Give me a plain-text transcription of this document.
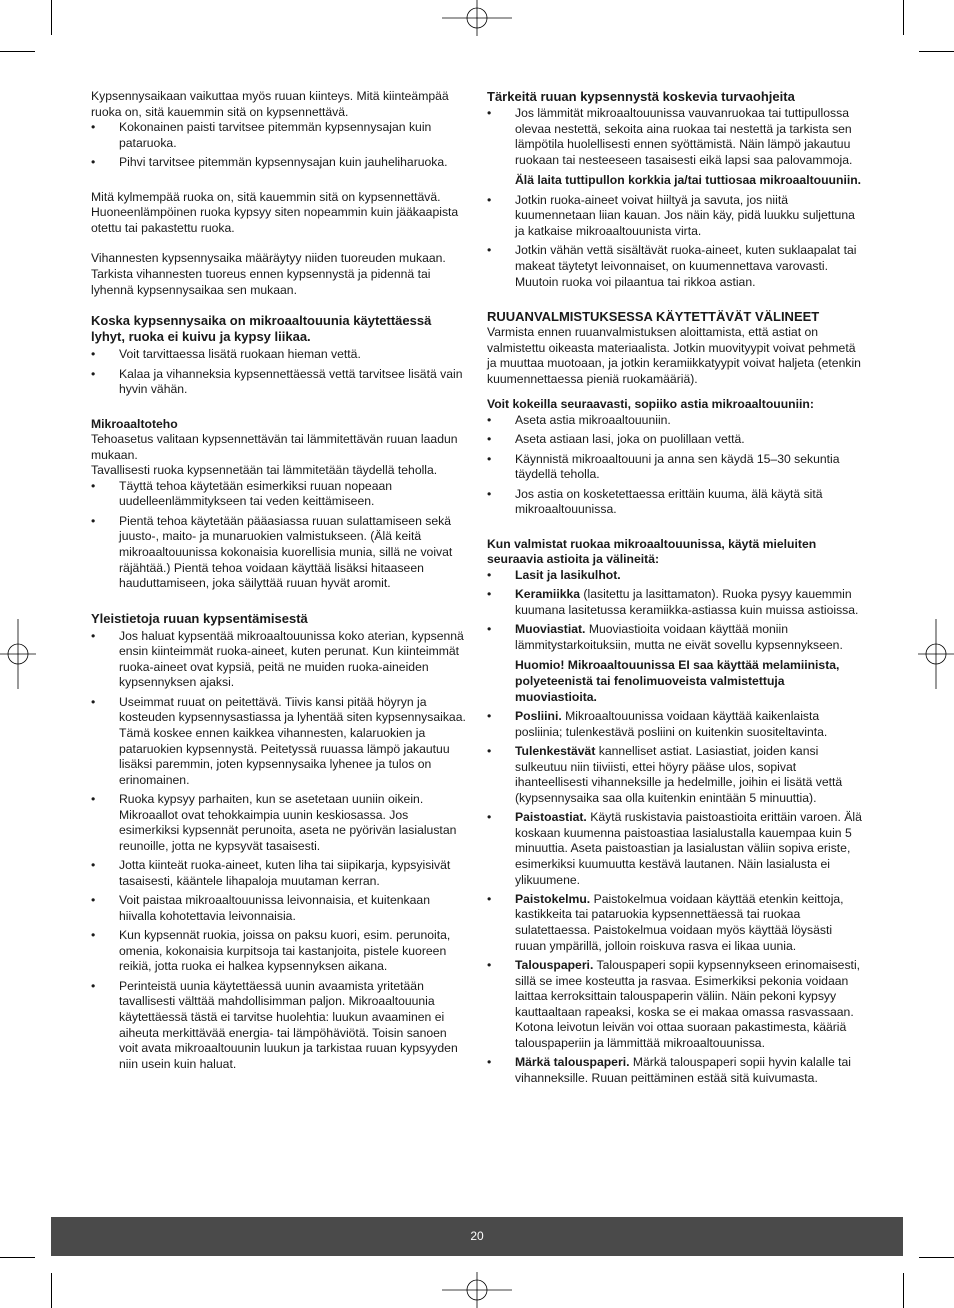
Kypsennysaikaan vaikuttaa myös ruuan kiinteys. Mitä kiinteämpää ruoka on, sitä kauemmin sitä on kypsennettävä.

• Kokonainen paisti tarvitsee pitemmän kypsennysajan kuin pataruoka.
• Pihvi tarvitsee pitemmän kypsennysajan kuin jauheliharuoka.

Mitä kylmempää ruoka on, sitä kauemmin sitä on kypsennettävä. Huoneenlämpöinen ruoka kypsyy siten nopeammin kuin jääkaapista otettu tai pakastettu ruoka.

Vihannesten kypsennysaika määräytyy niiden tuoreuden mukaan. Tarkista vihannesten tuoreus ennen kypsennystä ja pidennä tai lyhennä kypsennysaikaa sen mukaan.

Koska kypsennysaika on mikroaaltouunia käytettäessä lyhyt, ruoka ei kuivu ja kypsy liikaa.

• Voit tarvittaessa lisätä ruokaan hieman vettä.
• Kalaa ja vihanneksia kypsennettäessä vettä tarvitsee lisätä vain hyvin vähän.

Mikroaaltoteho

Tehoasetus valitaan kypsennettävän tai lämmitettävän ruuan laadun mukaan.

Tavallisesti ruoka kypsennetään tai lämmitetään täydellä teholla.

• Täyttä tehoa käytetään esimerkiksi ruuan nopeaan uudelleenlämmitykseen tai veden keittämiseen.
• Pientä tehoa käytetään pääasiassa ruuan sulattamiseen sekä juusto-, maito- ja munaruokien valmistukseen. (Älä keitä mikroaaltouunissa kokonaisia kuorellisia munia, sillä ne voivat räjähtää.) Pientä tehoa voidaan käyttää lisäksi hitaaseen hauduttamiseen, joka säilyttää ruuan hyvät aromit.

Yleistietoja ruuan kypsentämisestä

• Jos haluat kypsentää mikroaaltouunissa koko aterian, kypsennä ensin kiinteimmät ruoka-aineet, kuten perunat. Kun kiinteimmät ruoka-aineet ovat kypsiä, peitä ne muiden ruoka-aineiden kypsennyksen ajaksi.
• Useimmat ruuat on peitettävä. Tiivis kansi pitää höyryn ja kosteuden kypsennysastiassa ja lyhentää siten kypsennysaikaa. Tämä koskee ennen kaikkea vihannesten, kalaruokien ja pataruokien kypsennystä. Peitetyssä ruuassa lämpö jakautuu lisäksi paremmin, joten kypsennysaika lyhenee ja tulos on erinomainen.
• Ruoka kypsyy parhaiten, kun se asetetaan uuniin oikein. Mikroaallot ovat tehokkaimpia uunin keskiosassa. Jos esimerkiksi kypsennät perunoita, aseta ne pyörivän lasialustan reunoille, jotta ne kypsyvät tasaisesti.
• Jotta kiinteät ruoka-aineet, kuten liha tai siipikarja, kypsyisivät tasaisesti, kääntele lihapaloja muutaman kerran.
• Voit paistaa mikroaaltouunissa leivonnaisia, et kuitenkaan hiivalla kohotettavia leivonnaisia.
• Kun kypsennät ruokia, joissa on paksu kuori, esim. perunoita, omenia, kokonaisia kurpitsoja tai kastanjoita, pistele kuoreen reikiä, jotta ruoka ei halkea kypsennyksen aikana.
• Perinteistä uunia käytettäessä uunin avaamista yritetään tavallisesti välttää mahdollisimman paljon. Mikroaaltouunia käytettäessä tästä ei tarvitse huolehtia: luukun avaaminen ei aiheuta merkittävää energia- tai lämpöhäviötä. Toisin sanoen voit avata mikroaaltouunin luukun ja tarkistaa ruuan kypsyyden niin usein kuin haluat.

Tärkeitä ruuan kypsennystä koskevia turvaohjeita

• Jos lämmität mikroaaltouunissa vauvanruokaa tai tuttipullossa olevaa nestettä, sekoita aina ruokaa tai nestettä ja tarkista sen lämpötila huolellisesti ennen syöttämistä. Näin lämpö jakautuu ruokaan tai nesteeseen tasaisesti eikä lapsi saa palovammoja.
Älä laita tuttipullon korkkia ja/tai tuttiosaa mikroaaltouuniin.
• Jotkin ruoka-aineet voivat hiiltyä ja savuta, jos niitä kuumennetaan liian kauan. Jos näin käy, pidä luukku suljettuna ja katkaise mikroaaltouunista virta.
• Jotkin vähän vettä sisältävät ruoka-aineet, kuten suklaapalat tai makeat täytetyt leivonnaiset, on kuumennettava varovasti. Muutoin ruoka voi pilaantua tai rikkoa astian.

RUUANVALMISTUKSESSA KÄYTETTÄVÄT VÄLINEET

Varmista ennen ruuanvalmistuksen aloittamista, että astiat on valmistettu oikeasta materiaalista. Jotkin muovityypit voivat pehmetä ja muuttaa muotoaan, ja jotkin keramiikkatyypit voivat haljeta (etenkin kuumennettaessa pieniä ruokamääriä).

Voit kokeilla seuraavasti, sopiiko astia mikroaaltouuniin:

• Aseta astia mikroaaltouuniin.
• Aseta astiaan lasi, joka on puolillaan vettä.
• Käynnistä mikroaaltouuni ja anna sen käydä 15–30 sekuntia täydellä teholla.
• Jos astia on kosketettaessa erittäin kuuma, älä käytä sitä mikroaaltouunissa.

Kun valmistat ruokaa mikroaaltouunissa, käytä mieluiten seuraavia astioita ja välineitä:

• Lasit ja lasikulhot.
• Keramiikka (lasitettu ja lasittamaton). Ruoka pysyy kauemmin kuumana lasitetussa keramiikka-astiassa kuin muissa astioissa.
• Muoviastiat. Muoviastioita voidaan käyttää moniin lämmitystarkoituksiin, mutta ne eivät sovellu kypsennykseen.
Huomio! Mikroaaltouunissa EI saa käyttää melamiinista, polyeteenistä tai fenolimuoveista valmistettuja muoviastioita.
• Posliini. Mikroaaltouunissa voidaan käyttää kaikenlaista posliinia; tulenkestävä posliini on kuitenkin suositeltavinta.
• Tulenkestävät kannelliset astiat. Lasiastiat, joiden kansi sulkeutuu niin tiiviisti, ettei höyry pääse ulos, sopivat ihanteellisesti vihanneksille ja hedelmille, joihin ei lisätä vettä (kypsennysaika saa olla kuitenkin enintään 5 minuuttia).
• Paistoastiat. Käytä ruskistavia paistoastioita erittäin varoen. Älä koskaan kuumenna paistoastiaa lasialustalla kauempaa kuin 5 minuuttia. Aseta paistoastian ja lasialustan väliin sopiva eriste, esimerkiksi kuumuutta kestävä lautanen. Näin lasialusta ei ylikuumene.
• Paistokelmu. Paistokelmua voidaan käyttää etenkin keittoja, kastikkeita tai pataruokia kypsennettäessä tai ruokaa sulatettaessa. Paistokelmua voidaan myös käyttää löysästi ruuan ympärillä, jolloin roiskuva rasva ei likaa uunia.
• Talouspaperi. Talouspaperi sopii kypsennykseen erinomaisesti, sillä se imee kosteutta ja rasvaa. Esimerkiksi pekonia voidaan laittaa kerroksittain talouspaperin väliin. Näin pekoni kypsyy kauttaaltaan rapeaksi, koska se ei makaa omassa rasvassaan. Kotona leivotun leivän voi ottaa suoraan pakastimesta, kääriä talouspaperiin ja lämmittää mikroaaltouunissa.
• Märkä talouspaperi. Märkä talouspaperi sopii hyvin kalalle tai vihanneksille. Ruuan peittäminen estää sitä kuivumasta.
20
